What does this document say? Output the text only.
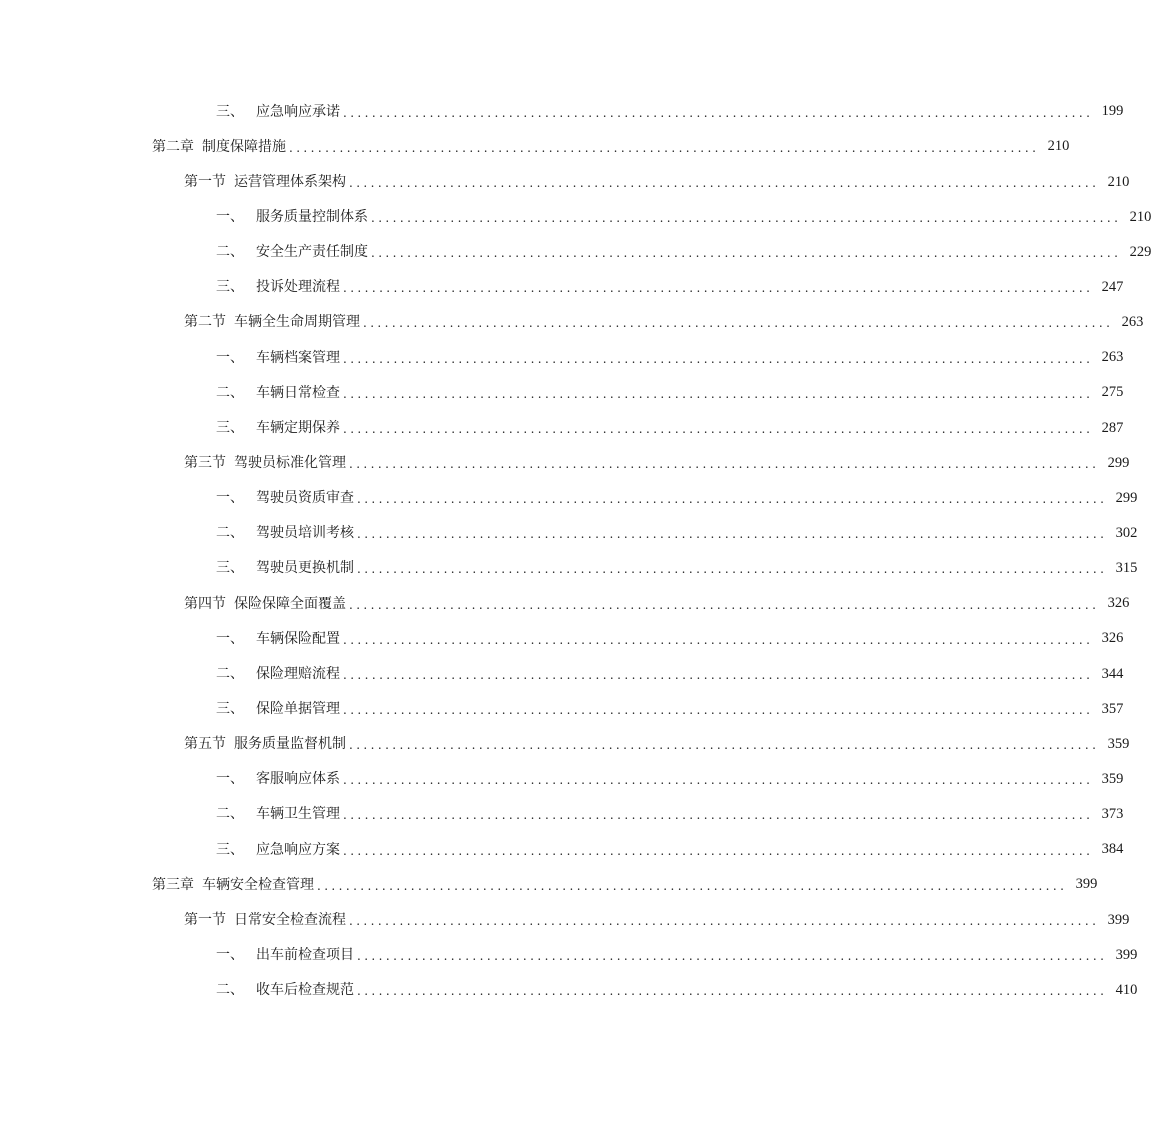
三、 应急响应承诺 ........................................................................................................ 199
第二章 制度保障措施 ........................................................................................................ 210
第一节 运营管理体系架构 ........................................................................................................ 210
一、 服务质量控制体系 ........................................................................................................ 210
二、 安全生产责任制度 ........................................................................................................ 229
三、 投诉处理流程 ........................................................................................................ 247
第二节 车辆全生命周期管理 ........................................................................................................ 263
一、 车辆档案管理 ........................................................................................................ 263
二、 车辆日常检查 ........................................................................................................ 275
三、 车辆定期保养 ........................................................................................................ 287
第三节 驾驶员标准化管理 ........................................................................................................ 299
一、 驾驶员资质审查 ........................................................................................................ 299
二、 驾驶员培训考核 ........................................................................................................ 302
三、 驾驶员更换机制 ........................................................................................................ 315
第四节 保险保障全面覆盖 ........................................................................................................ 326
一、 车辆保险配置 ........................................................................................................ 326
二、 保险理赔流程 ........................................................................................................ 344
三、 保险单据管理 ........................................................................................................ 357
第五节 服务质量监督机制 ........................................................................................................ 359
一、 客服响应体系 ........................................................................................................ 359
二、 车辆卫生管理 ........................................................................................................ 373
三、 应急响应方案 ........................................................................................................ 384
第三章 车辆安全检查管理 ........................................................................................................ 399
第一节 日常安全检查流程 ........................................................................................................ 399
一、 出车前检查项目 ........................................................................................................ 399
二、 收车后检查规范 ........................................................................................................ 410
